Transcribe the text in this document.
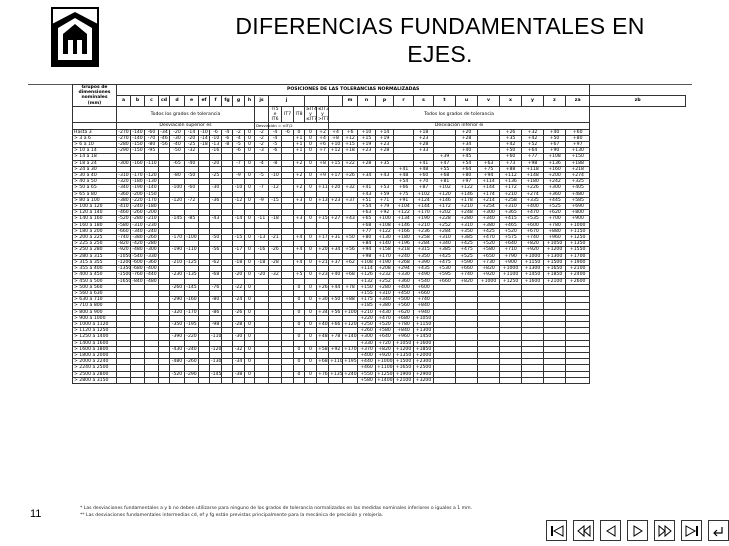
DIFERENCIAS FUNDAMENTALES EN
EJES.
Grupos de dimensiones nominales (mm)	POSICIONES DE LAS TOLERANCIAS NORMALIZADAS																														
	a	b	c	cd	d	e	ef	f	fg	g	h	js	j						m	n	p	r	s	t	u	v	x	y	z	za	zb
	Todos los grados de tolerancia												IT5 e IT6	IT7	IT8	≥IT4 y ≤IT7	≤IT3 y >IT7	Todos los grados de tolerancia													
	Desviación superior es											Desviación = ±IT/2						Desviación inferior ei													
Hasta 3	-270	-140	-60	-34	-20	-14	-10	-6	-4	-2	0	-2	-4	-6	0	0	+2	+4	+6	+10	+14		+18		+20		+26	+32	+40	+60	
> 3 a 6	-270	-140	-70	-46	-30	-20	-14	-10	-6	-4	0	-2	-4		+1	0	+4	+8	+12	+15	+19		+23		+28		+35	+42	+50	+80	
> 6 a 10	-280	-150	-80	-56	-40	-25	-18	-13	-8	-5	0	-2	-5		+1	0	+6	+10	+15	+19	+23		+28		+34		+42	+52	+67	+97	
> 10 a 14	-290	-150	-95		-50	-32		-16		-6	0	-3	-6		+1	0	+7	+12	+18	+23	+28		+33		+40		+50	+64	+90	+130	
> 14 a 18																								+39	+45		+60	+77	+108	+150	
> 18 a 24	-300	-160	-110		-65	-40		-20		-7	0	-4	-8		+2	0	+8	+15	+22	+28	+35		+41	+47	+54	+63	+73	+98	+136	+188	
> 24 a 30																						+41	+48	+55	+64	+75	+88	+118	+160	+218	
> 30 a 40	-310	-170	-120		-80	-50		-25		-9	0	-5	-10		+2	0	+9	+17	+26	+34	+43	+48	+60	+68	+80	+94	+112	+148	+200	+274	
> 40 a 50	-320	-180	-130																			+54	+70	+81	+97	+114	+136	+180	+242	+325	
> 50 a 65	-340	-190	-140		-100	-60		-30		-10	0	-7	-12		+2	0	+11	+20	+32	+41	+53	+66	+87	+102	+122	+144	+172	+226	+300	+405	
> 65 a 80	-360	-200	-150																	+43	+59	+75	+102	+120	+146	+174	+210	+274	+360	+480	
> 80 a 100	-380	-220	-170		-120	-72		-36		-12	0	-9	-15		+3	0	+13	+23	+37	+51	+71	+91	+124	+146	+178	+214	+258	+335	+445	+585	
> 100 a 120	-410	-240	-180																	+54	+79	+104	+144	+172	+210	+254	+310	+400	+525	+690	
> 120 a 140	-460	-260	-200																	+63	+92	+122	+170	+202	+248	+300	+365	+470	+620	+800	
> 140 a 160	-520	-280	-210		-145	-85		-43		-14	0	-11	-18		+3	0	+15	+27	+43	+65	+100	+134	+190	+228	+280	+340	+415	+535	+700	+900	
> 160 a 180	-580	-310	-230																	+68	+108	+146	+210	+252	+310	+380	+465	+600	+780	+1000	
> 180 a 200	-660	-340	-240																	+77	+122	+166	+236	+284	+350	+425	+520	+670	+880	+1150	
> 200 a 225	-740	-380	-260		-170	-100		-50		-15	0	-13	-21		+4	0	+17	+31	+50	+80	+130	+180	+258	+310	+385	+470	+575	+740	+960	+1250	
> 225 a 250	-820	-420	-280																	+84	+140	+196	+284	+340	+425	+520	+640	+820	+1050	+1350	
> 250 a 280	-920	-480	-300		-190	-110		-56		-17	0	-16	-26		+4	0	+20	+34	+56	+94	+158	+218	+315	+385	+475	+580	+710	+920	+1200	+1550	
> 280 a 315	-1050	-540	-330																	+98	+170	+240	+350	+425	+525	+650	+790	+1000	+1300	+1700	
> 315 a 355	-1200	-600	-360		-210	-125		-62		-18	0	-18	-28		+4	0	+21	+37	+62	+108	+190	+268	+390	+475	+590	+730	+900	+1150	+1500	+1900	
> 355 a 400	-1350	-680	-400																	+114	+208	+294	+435	+530	+660	+820	+1000	+1300	+1650	+2100	
> 400 a 450	-1500	-760	-440		-230	-135		-68		-20	0	-20	-32		+5	0	+23	+40	+68	+126	+232	+330	+490	+595	+740	+920	+1100	+1450	+1850	+2400	
> 450 a 500	-1650	-840	-480																	+132	+252	+360	+540	+660	+820	+1000	+1250	+1600	+2100	+2600	
> 500 a 560					-260	-145		-76		-22	0				0	0	+26	+44	+78	+150	+280	+400	+600								
> 560 a 630																				+155	+310	+450	+660								
> 630 a 710					-290	-160		-80		-24	0				0	0	+30	+50	+88	+175	+340	+500	+740								
> 710 a 800																				+185	+380	+560	+840								
> 800 a 900					-320	-170		-86		-26	0				0	0	+34	+56	+100	+210	+430	+620	+940								
> 900 a 1000																				+220	+470	+680	+1050								
> 1000 a 1120					-350	-195		-98		-28	0				0	0	+40	+66	+120	+250	+520	+780	+1150								
> 1120 a 1250																				+260	+580	+840	+1300								
> 1250 a 1400					-390	-220		-110		-30	0				0	0	+48	+78	+140	+300	+640	+960	+1450								
> 1400 a 1600																				+330	+720	+1050	+1600								
> 1600 a 1800					-430	-240		-120		-32	0				0	0	+58	+92	+170	+370	+820	+1200	+1850								
> 1800 a 2000																				+400	+920	+1350	+2000								
> 2000 a 2240					-480	-260		-130		-34	0				0	0	+68	+110	+195	+440	+1000	+1500	+2300								
> 2240 a 2500																				+460	+1100	+1650	+2500								
> 2500 a 2800					-520	-290		-145		-38	0				0	0	+76	+135	+240	+550	+1250	+1900	+2900								
> 2800 a 3150																				+580	+1400	+2100	+3200								
11	* Las desviaciones fundamentales a y b no deben utilizarse para ninguno de los grados de tolerancia normalizados en las medidas nominales inferiores o iguales a 1 mm.
** Las desviaciones fundamentales intermedias cd, ef y fg están previstas principalmente para la mecánica de precisión y relojería.
